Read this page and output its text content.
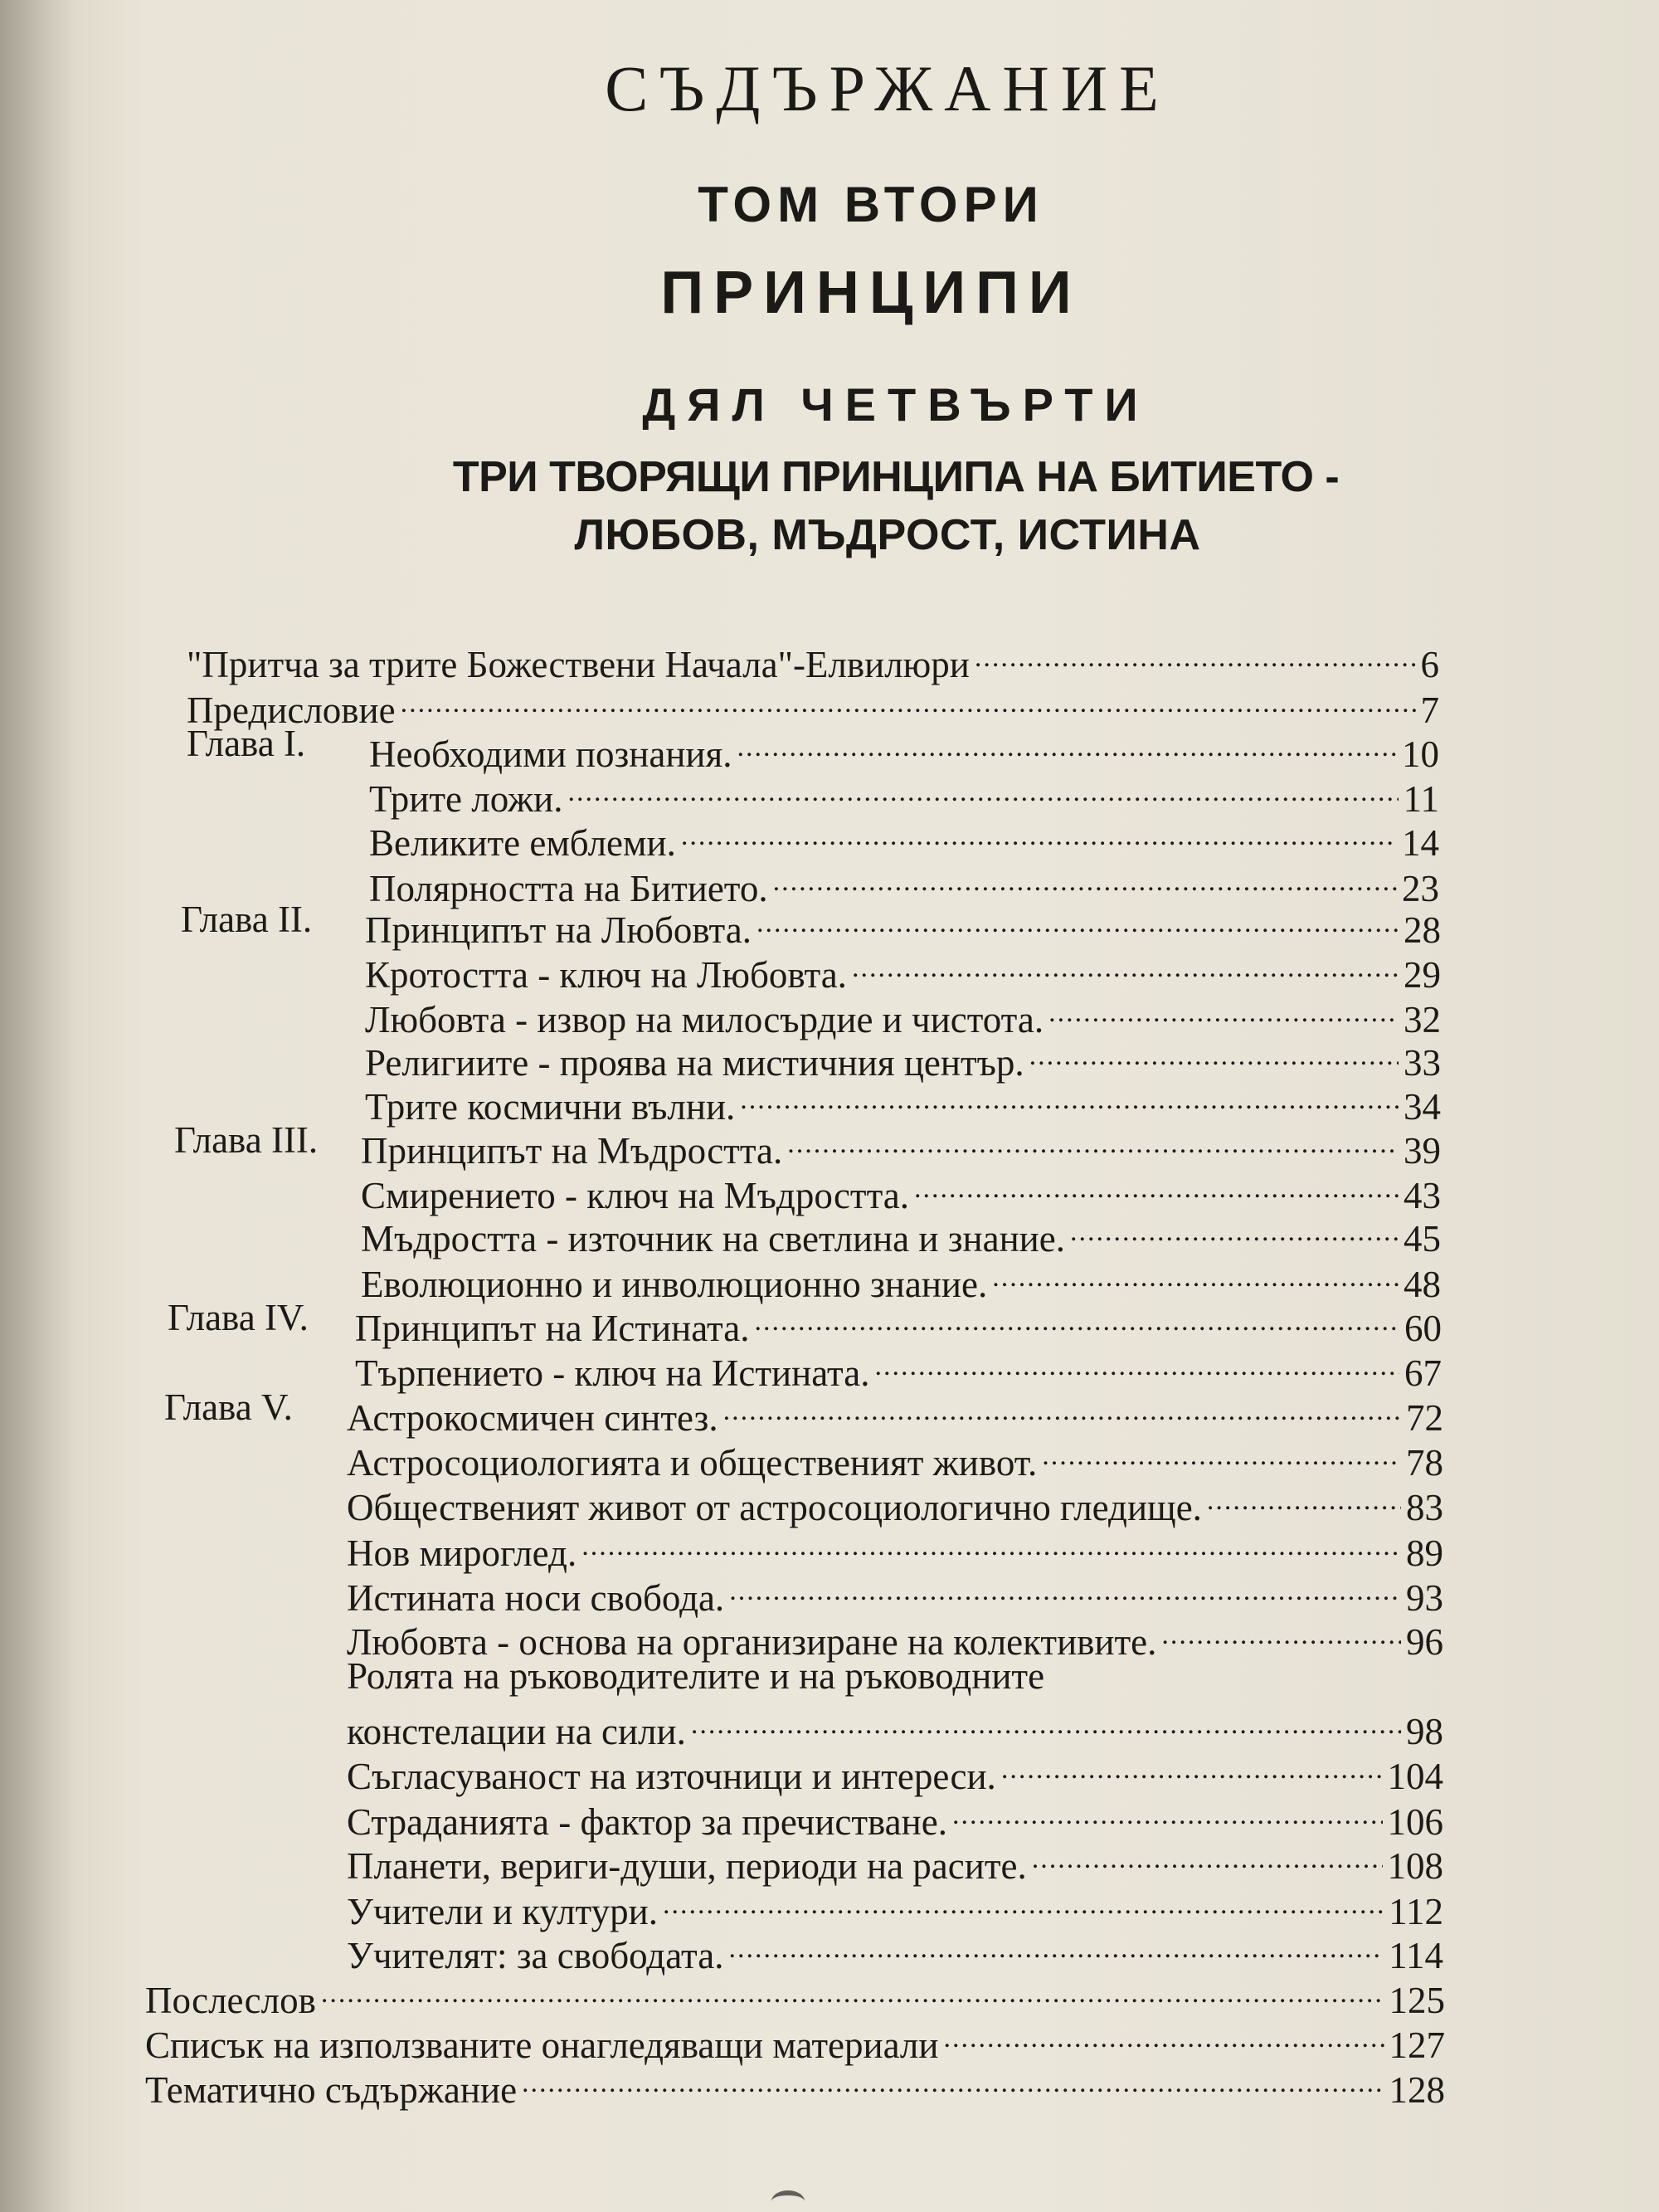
СЪДЪРЖАНИЕ
ТОМ ВТОРИ
ПРИНЦИПИ
ДЯЛ ЧЕТВЪРТИ
ТРИ ТВОРЯЩИ ПРИНЦИПА НА БИТИЕТО -
ЛЮБОВ, МЪДРОСТ, ИСТИНА
"Притча за трите Божествени Начала"-Елвилюри .....	6
Предисловие .....	7
Глава I. Необходими познания. .....	10
Трите ложи. .....	11
Великите емблеми. .....	14
Полярността на Битието. .....	23
Глава II. Принципът на Любовта. .....	28
Кротостта - ключ на Любовта. .....	29
Любовта - извор на милосърдие и чистота. .....	32
Религиите - проява на мистичния център. .....	33
Трите космични вълни. .....	34
Глава III. Принципът на Мъдростта. .....	39
Смирението - ключ на Мъдростта. .....	43
Мъдростта - източник на светлина и знание. .....	45
Еволюционно и инволюционно знание. .....	48
Глава IV. Принципът на Истината. .....	60
Търпението - ключ на Истината. .....	67
Глава V. Астрокосмичен синтез. .....	72
Астросоциологията и общественият живот. .....	78
Общественият живот от астросоциологично гледище. .....	83
Нов мироглед. .....	89
Истината носи свобода. .....	93
Любовта - основа на организиране на колективите. .....	96
Ролята на ръководителите и на ръководните
констелации на сили. .....	98
Съгласуваност на източници и интереси. .....	104
Страданията - фактор за пречистване. .....	106
Планети, вериги-души, периоди на расите. .....	108
Учители и култури. .....	112
Учителят: за свободата. .....	114
Послеслов .....	125
Списък на използваните онагледяващи материали .....	127
Тематично съдържание .....	128
